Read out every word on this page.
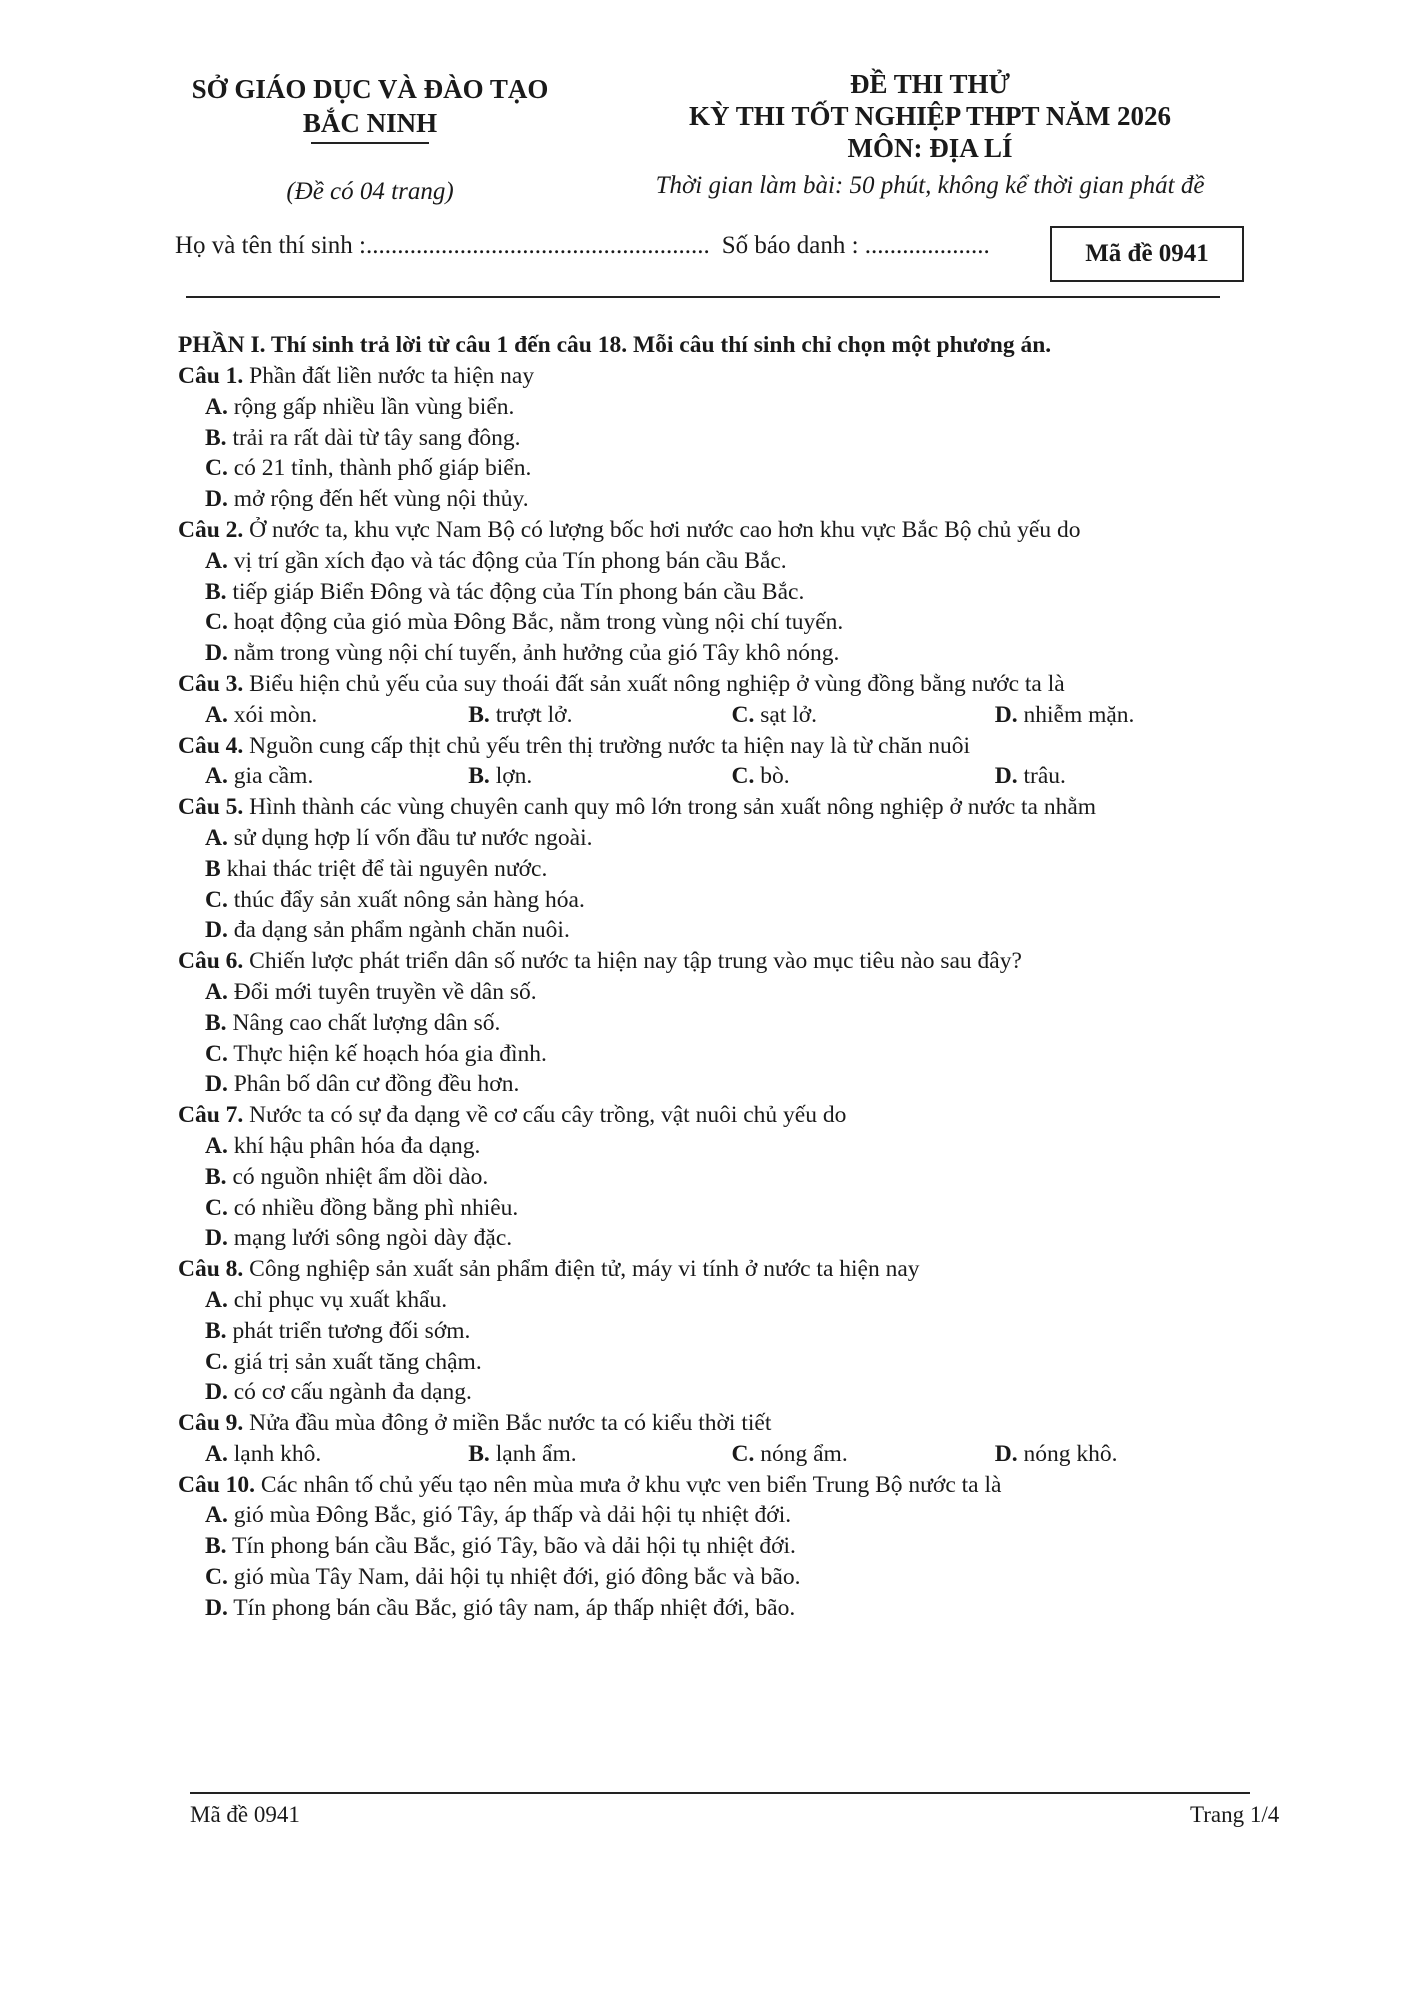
SỞ GIÁO DỤC VÀ ĐÀO TẠO
BẮC NINH
(Đề có 04 trang)
ĐỀ THI THỬ
KỲ THI TỐT NGHIỆP THPT NĂM 2026
MÔN: ĐỊA LÍ
Thời gian làm bài: 50 phút, không kể thời gian phát đề
Họ và tên thí sinh :....................................................... Số báo danh : ....................	Mã đề 0941
PHẦN I. Thí sinh trả lời từ câu 1 đến câu 18. Mỗi câu thí sinh chỉ chọn một phương án.
Câu 1. Phần đất liền nước ta hiện nay
A. rộng gấp nhiều lần vùng biển.
B. trải ra rất dài từ tây sang đông.
C. có 21 tỉnh, thành phố giáp biển.
D. mở rộng đến hết vùng nội thủy.
Câu 2. Ở nước ta, khu vực Nam Bộ có lượng bốc hơi nước cao hơn khu vực Bắc Bộ chủ yếu do
A. vị trí gần xích đạo và tác động của Tín phong bán cầu Bắc.
B. tiếp giáp Biển Đông và tác động của Tín phong bán cầu Bắc.
C. hoạt động của gió mùa Đông Bắc, nằm trong vùng nội chí tuyến.
D. nằm trong vùng nội chí tuyến, ảnh hưởng của gió Tây khô nóng.
Câu 3. Biểu hiện chủ yếu của suy thoái đất sản xuất nông nghiệp ở vùng đồng bằng nước ta là
A. xói mòn.	B. trượt lở.	C. sạt lở.	D. nhiễm mặn.
Câu 4. Nguồn cung cấp thịt chủ yếu trên thị trường nước ta hiện nay là từ chăn nuôi
A. gia cầm.	B. lợn.	C. bò.	D. trâu.
Câu 5. Hình thành các vùng chuyên canh quy mô lớn trong sản xuất nông nghiệp ở nước ta nhằm
A. sử dụng hợp lí vốn đầu tư nước ngoài.
B khai thác triệt để tài nguyên nước.
C. thúc đẩy sản xuất nông sản hàng hóa.
D. đa dạng sản phẩm ngành chăn nuôi.
Câu 6. Chiến lược phát triển dân số nước ta hiện nay tập trung vào mục tiêu nào sau đây?
A. Đổi mới tuyên truyền về dân số.
B. Nâng cao chất lượng dân số.
C. Thực hiện kế hoạch hóa gia đình.
D. Phân bố dân cư đồng đều hơn.
Câu 7. Nước ta có sự đa dạng về cơ cấu cây trồng, vật nuôi chủ yếu do
A. khí hậu phân hóa đa dạng.
B. có nguồn nhiệt ẩm dồi dào.
C. có nhiều đồng bằng phì nhiêu.
D. mạng lưới sông ngòi dày đặc.
Câu 8. Công nghiệp sản xuất sản phẩm điện tử, máy vi tính ở nước ta hiện nay
A. chỉ phục vụ xuất khẩu.
B. phát triển tương đối sớm.
C. giá trị sản xuất tăng chậm.
D. có cơ cấu ngành đa dạng.
Câu 9. Nửa đầu mùa đông ở miền Bắc nước ta có kiểu thời tiết
A. lạnh khô.	B. lạnh ẩm.	C. nóng ẩm.	D. nóng khô.
Câu 10. Các nhân tố chủ yếu tạo nên mùa mưa ở khu vực ven biển Trung Bộ nước ta là
A. gió mùa Đông Bắc, gió Tây, áp thấp và dải hội tụ nhiệt đới.
B. Tín phong bán cầu Bắc, gió Tây, bão và dải hội tụ nhiệt đới.
C. gió mùa Tây Nam, dải hội tụ nhiệt đới, gió đông bắc và bão.
D. Tín phong bán cầu Bắc, gió tây nam, áp thấp nhiệt đới, bão.
Mã đề 0941	Trang 1/4
